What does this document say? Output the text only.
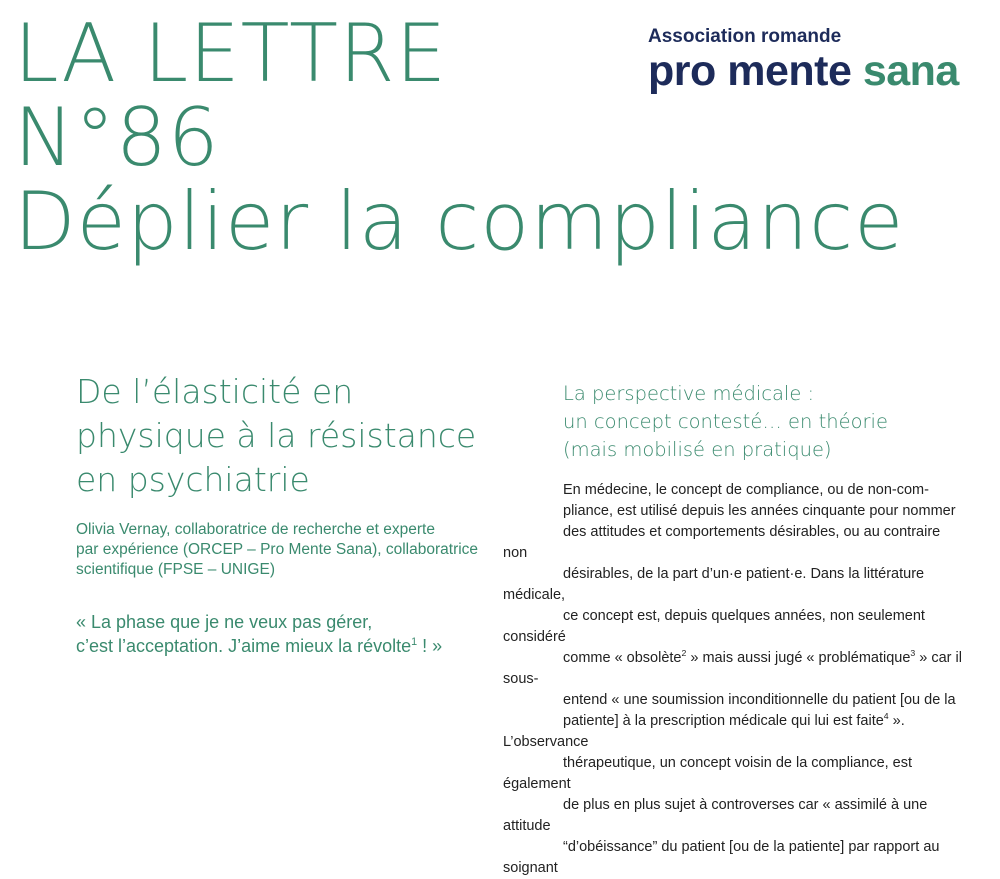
LA LETTRE

N°86

Déplier la compliance

Association romande
pro mente sana
De l’élasticité en
physique à la résistance
en psychiatrie
Olivia Vernay, collaboratrice de recherche et experte
par expérience (ORCEP – Pro Mente Sana), collaboratrice
scientifique (FPSE – UNIGE)
« La phase que je ne veux pas gérer,
c’est l’acceptation. J’aime mieux la révolte$^1$ ! »
La perspective médicale :
un concept contesté… en théorie
(mais mobilisé en pratique)
En médecine, le concept de compliance, ou de non-com-
pliance, est utilisé depuis les années cinquante pour nommer
des attitudes et comportements désirables, ou au contraire non
désirables, de la part d’un·e patient·e. Dans la littérature médicale,
ce concept est, depuis quelques années, non seulement considéré
comme « obsolète$^2$ » mais aussi jugé « problématique$^3$ » car il sous-
entend « une soumission inconditionnelle du patient [ou de la
patiente] à la prescription médicale qui lui est faite$^4$ ». L’observance
thérapeutique, un concept voisin de la compliance, est également
de plus en plus sujet à controverses car « assimilé à une attitude
“d’obéissance” du patient [ou de la patiente] par rapport au soignant
